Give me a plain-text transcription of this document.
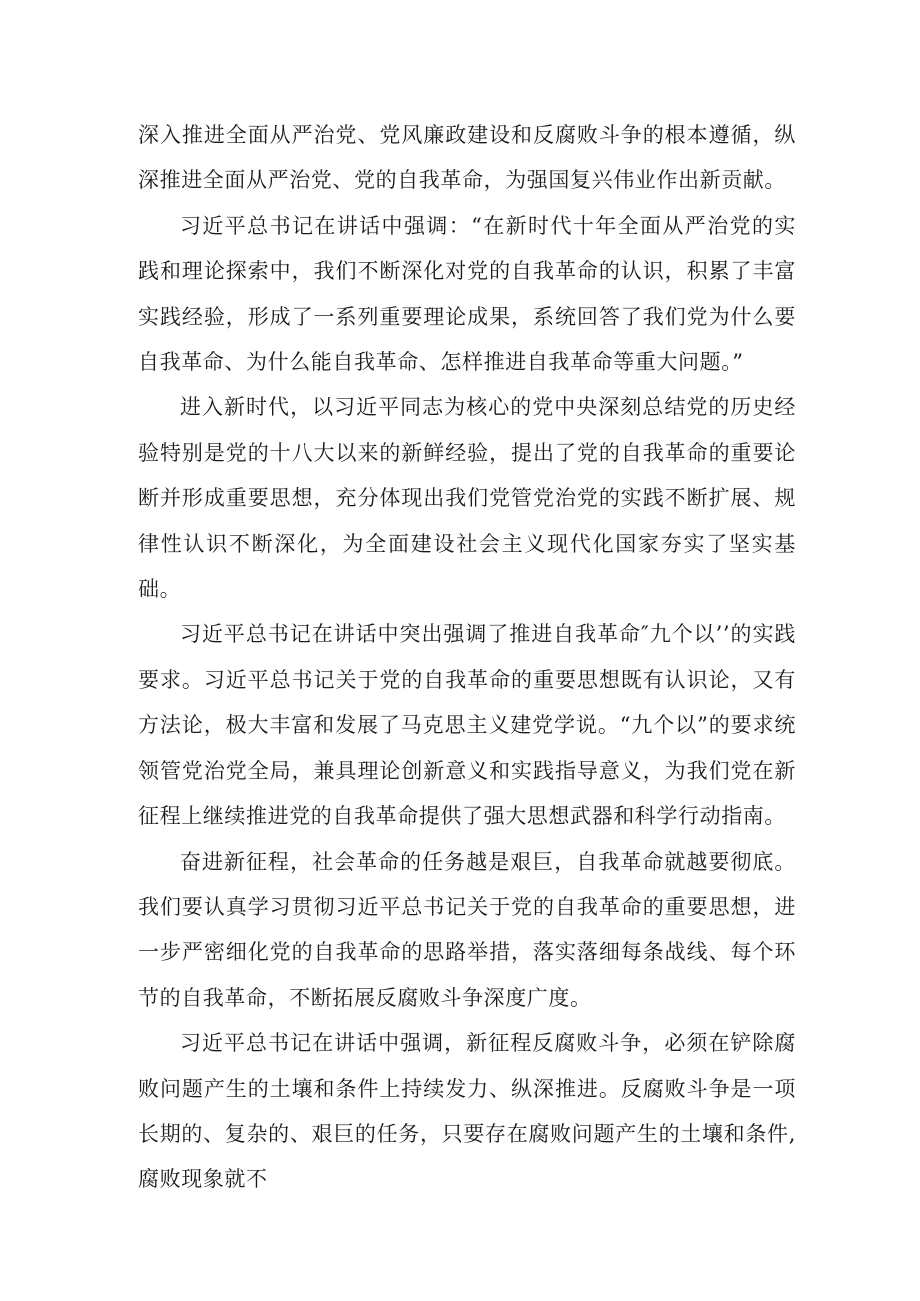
深入推进全面从严治党、党风廉政建设和反腐败斗争的根本遵循，纵深推进全面从严治党、党的自我革命，为强国复兴伟业作出新贡献。

习近平总书记在讲话中强调：“在新时代十年全面从严治党的实践和理论探索中，我们不断深化对党的自我革命的认识，积累了丰富实践经验，形成了一系列重要理论成果，系统回答了我们党为什么要自我革命、为什么能自我革命、怎样推进自我革命等重大问题。”

进入新时代，以习近平同志为核心的党中央深刻总结党的历史经验特别是党的十八大以来的新鲜经验，提出了党的自我革命的重要论断并形成重要思想，充分体现出我们党管党治党的实践不断扩展、规律性认识不断深化，为全面建设社会主义现代化国家夯实了坚实基础。

习近平总书记在讲话中突出强调了推进自我革命″九个以’’的实践要求。习近平总书记关于党的自我革命的重要思想既有认识论，又有方法论，极大丰富和发展了马克思主义建党学说。“九个以”的要求统领管党治党全局，兼具理论创新意义和实践指导意义，为我们党在新征程上继续推进党的自我革命提供了强大思想武器和科学行动指南。

奋进新征程，社会革命的任务越是艰巨，自我革命就越要彻底。我们要认真学习贯彻习近平总书记关于党的自我革命的重要思想，进一步严密细化党的自我革命的思路举措，落实落细每条战线、每个环节的自我革命，不断拓展反腐败斗争深度广度。

习近平总书记在讲话中强调，新征程反腐败斗争，必须在铲除腐败问题产生的土壤和条件上持续发力、纵深推进。反腐败斗争是一项长期的、复杂的、艰巨的任务，只要存在腐败问题产生的土壤和条件,腐败现象就不
